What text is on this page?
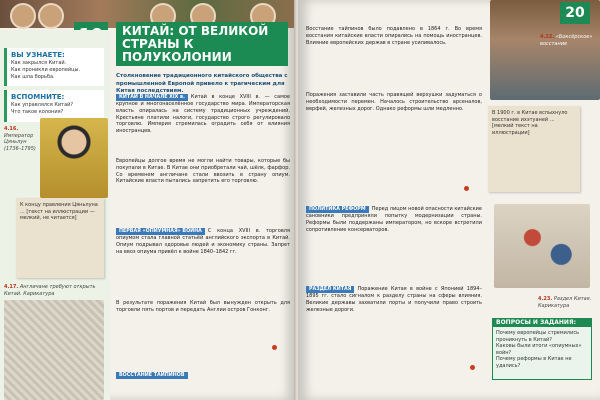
ВЫ УЗНАЕТЕ:
Как закрылся Китай.
Как проникли европейцы.
Как шла борьба.
ВСПОМНИТЕ:
Как управлялся Китай?
Что такое колония?
4.16. Император Цяньлун (1736–1795)
К концу правления Цяньлуна ... [текст на иллюстрации — мелкий, не читается]
4.17. Англичане требуют открыть Китай. Карикатура
КИТАЙ: ОТ ВЕЛИКОЙ СТРАНЫ К ПОЛУКОЛОНИИ
Столкновение традиционного китайского общества с промышленной Европой привело к трагическим для Китая последствиям.
КИТАЙ В НАЧАЛЕ XIX в. Китай в конце XVIII в. — самое крупное и многонаселённое государство мира. Императорская власть опиралась на систему традиционных учреждений. Крестьяне платили налоги, государство строго регулировало торговлю. Империя стремилась оградить себя от влияния иностранцев.
Европейцы долгое время не могли найти товары, которые бы покупали в Китае. В Китае они приобретали чай, шёлк, фарфор. Со временем англичане стали ввозить в страну опиум. Китайские власти пытались запретить его торговлю.
ПЕРВАЯ «ОПИУМНАЯ» ВОЙНА С конца XVIII в. торговля опиумом стала главной статьёй английского экспорта в Китай. Опиум подрывал здоровье людей и экономику страны. Запрет на ввоз опиума привёл к войне 1840–1842 гг.
В результате поражения Китай был вынужден открыть для торговли пять портов и передать Англии остров Гонконг.
ВОССТАНИЕ ТАЙПИНОВ
Восстание тайпинов было подавлено в 1864 г. Во время восстания китайские власти опирались на помощь иностранцев. Влияние европейских держав в стране усиливалось.
Поражения заставили часть правящей верхушки задуматься о необходимости перемен. Началось строительство арсеналов, верфей, железных дорог. Однако реформы шли медленно.
ПОЛИТИКА РЕФОРМ Перед лицом новой опасности китайские сановники предприняли попытку модернизации страны. Реформы были поддержаны императором, но вскоре встретили сопротивление консерваторов.
РАЗДЕЛ КИТАЯ Поражение Китая в войне с Японией 1894–1895 гг. стало сигналом к разделу страны на сферы влияния. Великие державы захватили порты и получили право строить железные дороги.
20
4.22. «Боксёрское» восстание
В 1900 г. в Китае вспыхнуло восстание ихэтуаней ... [мелкий текст на иллюстрации]
4.23. Раздел Китая. Карикатура
ВОПРОСЫ И ЗАДАНИЯ:
Почему европейцы стремились проникнуть в Китай?
Каковы были итоги «опиумных» войн?
Почему реформы в Китае не удались?
